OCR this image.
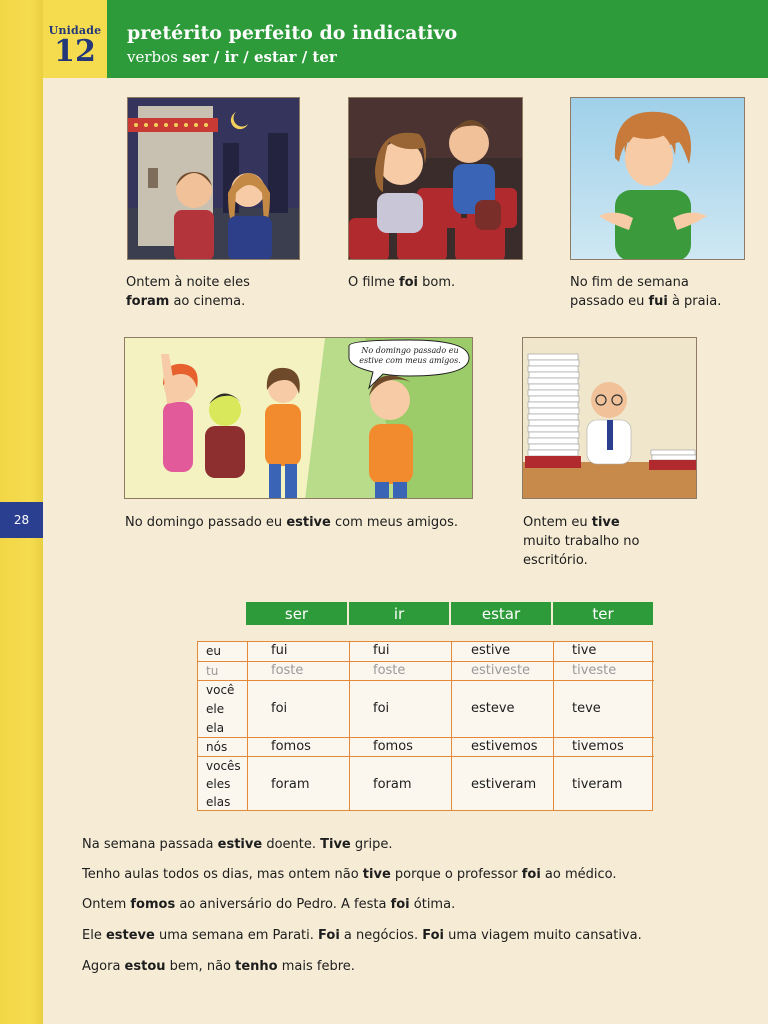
28
Unidade
12
pretérito perfeito do indicativo
verbos ser / ir / estar / ter
Ontem à noite eles
foram ao cinema.
O filme foi bom.	No fim de semana
passado eu fui à praia.
No domingo passado eu
estive com meus amigos.
No domingo passado eu estive com meus amigos.	Ontem eu tive
muito trabalho no
escritório.
ser	ir	estar	ter
eu	fui	fui	estive	tive
tu	foste	foste	estiveste	tiveste
você
ele
ela
foi	foi	esteve	teve
nós	fomos	fomos	estivemos	tivemos
vocês
eles
elas
foram	foram	estiveram	tiveram
Na semana passada estive doente. Tive gripe.
Tenho aulas todos os dias, mas ontem não tive porque o professor foi ao médico.
Ontem fomos ao aniversário do Pedro. A festa foi ótima.
Ele esteve uma semana em Parati. Foi a negócios. Foi uma viagem muito cansativa.
Agora estou bem, não tenho mais febre.
